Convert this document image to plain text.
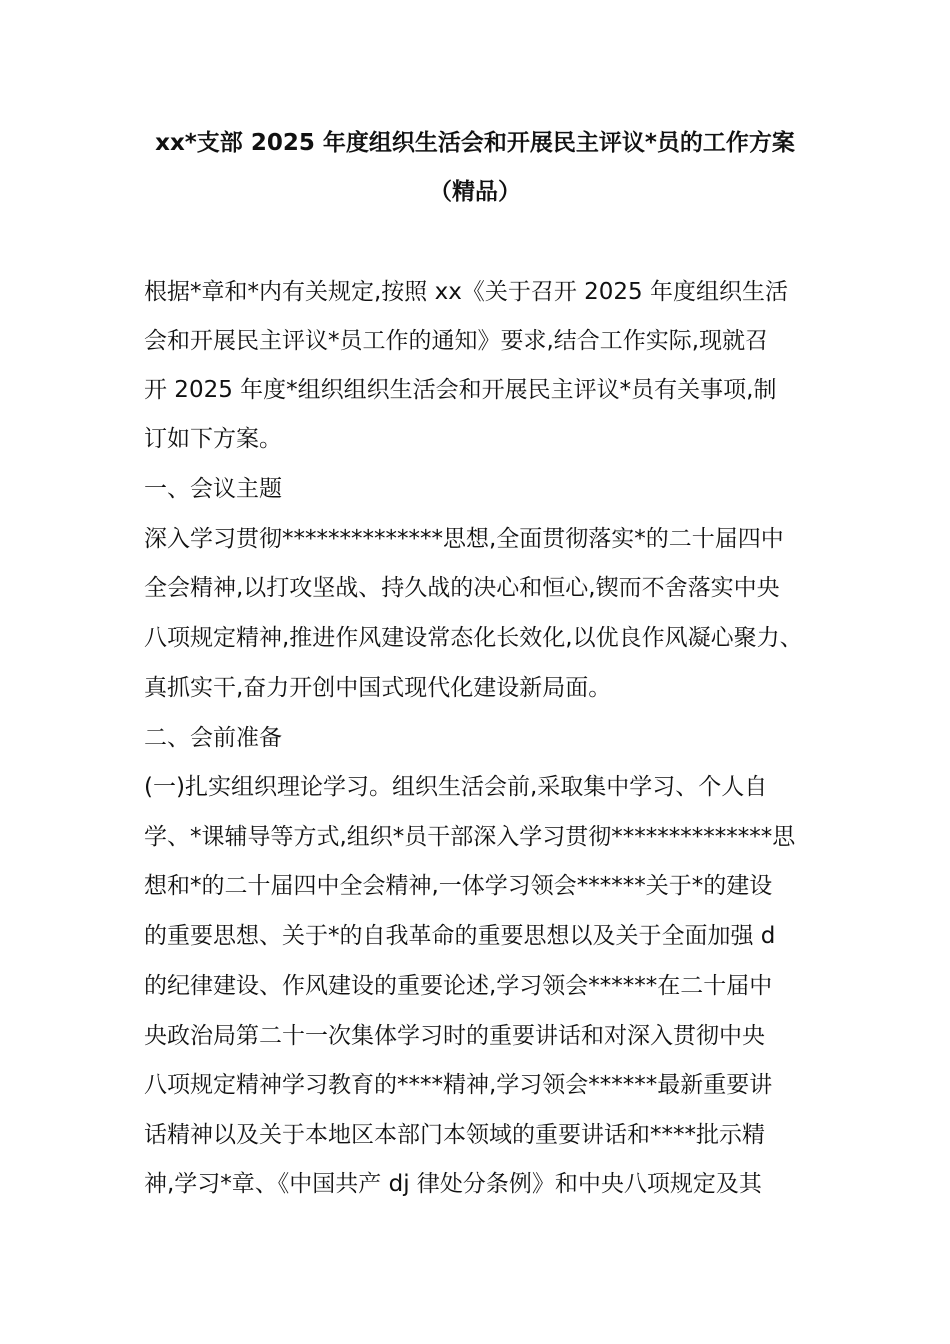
xx*支部 2025 年度组织生活会和开展民主评议*员的工作方案
（精品）
根据*章和*内有关规定,按照 xx《关于召开 2025 年度组织生活
会和开展民主评议*员工作的通知》要求,结合工作实际,现就召
开 2025 年度*组织组织生活会和开展民主评议*员有关事项,制
订如下方案。
一、会议主题
深入学习贯彻**************思想,全面贯彻落实*的二十届四中
全会精神,以打攻坚战、持久战的决心和恒心,锲而不舍落实中央
八项规定精神,推进作风建设常态化长效化,以优良作风凝心聚力、
真抓实干,奋力开创中国式现代化建设新局面。
二、会前准备
(一)扎实组织理论学习。组织生活会前,采取集中学习、个人自
学、*课辅导等方式,组织*员干部深入学习贯彻**************思
想和*的二十届四中全会精神,一体学习领会******关于*的建设
的重要思想、关于*的自我革命的重要思想以及关于全面加强 d
的纪律建设、作风建设的重要论述,学习领会******在二十届中
央政治局第二十一次集体学习时的重要讲话和对深入贯彻中央
八项规定精神学习教育的****精神,学习领会******最新重要讲
话精神以及关于本地区本部门本领域的重要讲话和****批示精
神,学习*章、《中国共产 dj 律处分条例》和中央八项规定及其
